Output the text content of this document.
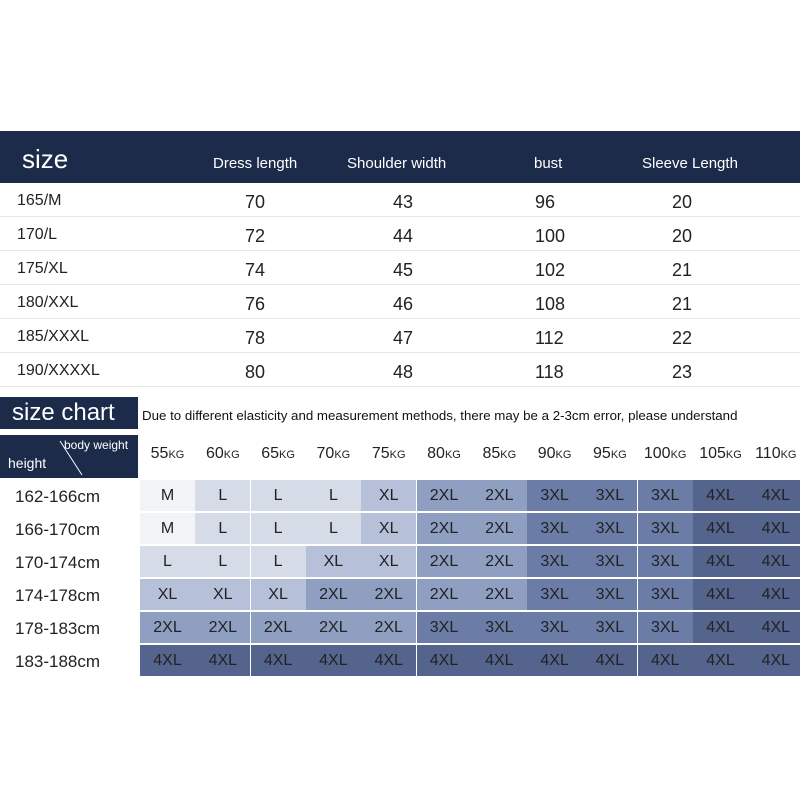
size	Dress length	Shoulder width	bust	Sleeve Length
165/M	70	43	96	20
170/L	72	44	100	20
175/XL	74	45	102	21
180/XXL	76	46	108	21
185/XXXL	78	47	112	22
190/XXXXL	80	48	118	23
size chart	Due to different elasticity and measurement methods, there may be a 2-3cm error, please understand
height
body weight	55KG	60KG	65KG	70KG	75KG	80KG	85KG	90KG	95KG	100KG 105KG 110KG
162-166cm	M	L	L	L	XL	2XL	2XL	3XL	3XL	3XL	4XL	4XL
166-170cm	M	L	L	L	XL	2XL	2XL	3XL	3XL	3XL	4XL	4XL
170-174cm	L	L	L	XL	XL	2XL	2XL	3XL	3XL	3XL	4XL	4XL
174-178cm	XL	XL	XL	2XL	2XL	2XL	2XL	3XL	3XL	3XL	4XL	4XL
178-183cm	2XL	2XL	2XL	2XL	2XL	3XL	3XL	3XL	3XL	3XL	4XL	4XL
183-188cm	4XL	4XL	4XL	4XL	4XL	4XL	4XL	4XL	4XL	4XL	4XL	4XL
